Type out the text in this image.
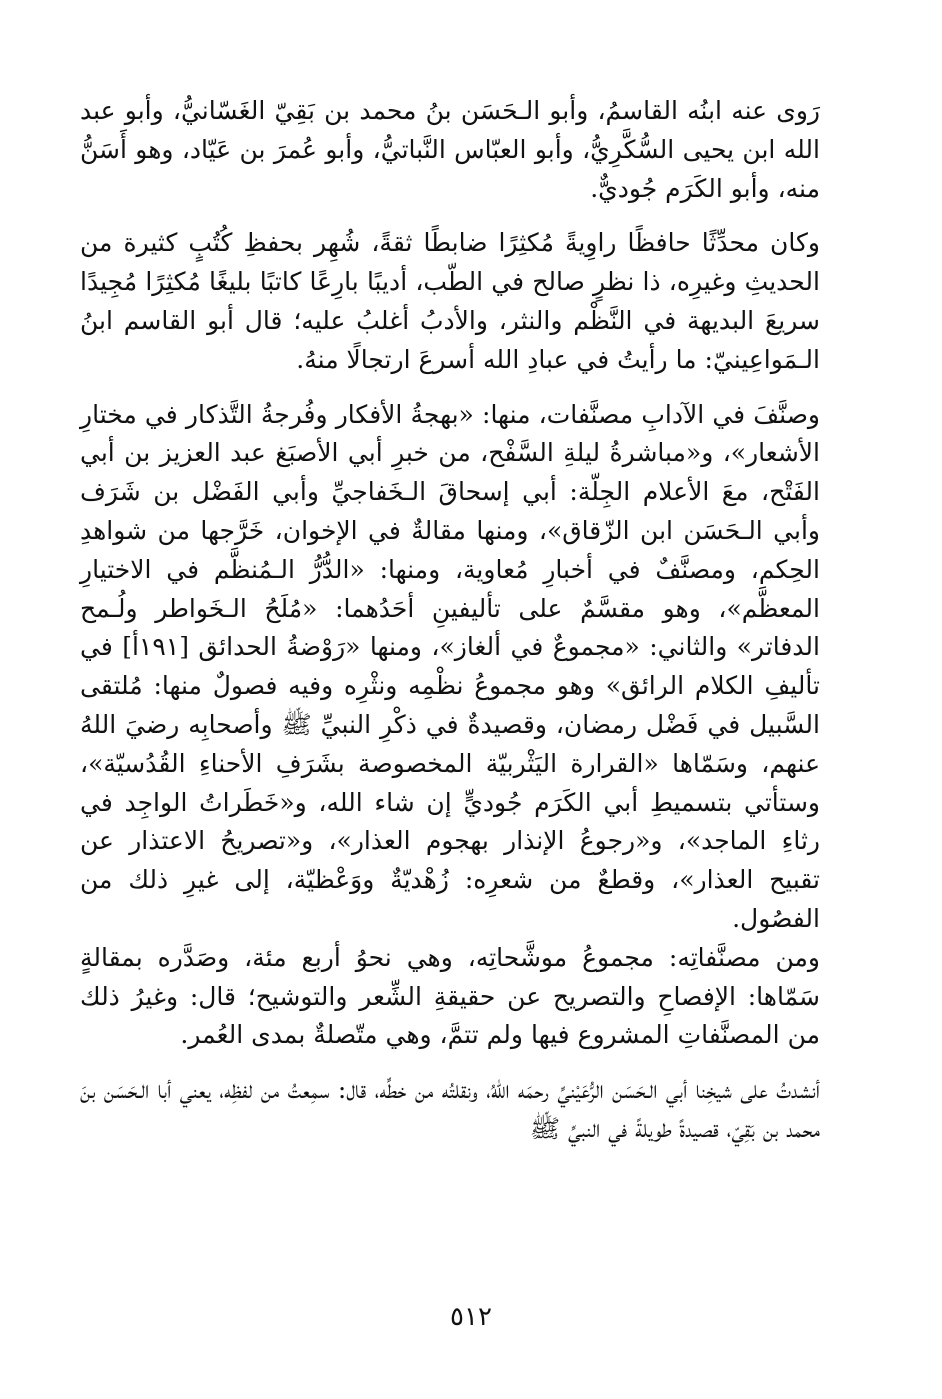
رَوى عنه ابنُه القاسمُ، وأبو الـحَسَن بنُ محمد بن بَقِيّ الغَسّانيُّ، وأبو عبد الله ابن يحيى السُّكَّرِيُّ، وأبو العبّاس النَّباتيُّ، وأبو عُمرَ بن عَيّاد، وهو أَسَنُّ منه، وأبو الكَرَم جُوديٌّ.

وكان محدِّثًا حافظًا راوِيةً مُكثِرًا ضابطًا ثقةً، شُهِر بحفظِ كُتُبٍ كثيرة من الحديثِ وغيرِه، ذا نظرٍ صالح في الطّب، أديبًا بارِعًا كاتبًا بليغًا مُكثِرًا مُجِيدًا سريعَ البديهة في النَّظْم والنثر، والأدبُ أغلبُ عليه؛ قال أبو القاسم ابنُ الـمَواعِينيّ: ما رأيتُ في عبادِ الله أسرعَ ارتجالًا منهُ.

وصنَّفَ في الآدابِ مصنَّفات، منها: «بهجةُ الأفكار وفُرجةُ التَّذكار في مختارِ الأشعار»، و«مباشرةُ ليلةِ السَّفْح، من خبرِ أبي الأصبَغ عبد العزيز بن أبي الفَتْح، معَ الأعلام الجِلّة: أبي إسحاقَ الـخَفاجيِّ وأبي الفَضْل بن شَرَف وأبي الـحَسَن ابن الزّقاق»، ومنها مقالةٌ في الإخوان، خَرَّجها من شواهدِ الحِكم، ومصنَّفٌ في أخبارِ مُعاوية، ومنها: «الدُّرُّ الـمُنظَّم في الاختيارِ المعظَّم»، وهو مقسَّمٌ على تأليفينِ أحَدُهما: «مُلَحُ الـخَواطر ولُـمح الدفاتر» والثاني: «مجموعٌ في ألغاز»، ومنها «رَوْضةُ الحدائق [١٩١أ] في تأليفِ الكلام الرائق» وهو مجموعُ نظْمِه ونثْرِه وفيه فصولٌ منها: مُلتقى السَّبيل في فَضْل رمضان، وقصيدةٌ في ذكْرِ النبيِّ ﷺ وأصحابِه رضيَ اللهُ عنهم، وسَمّاها «القرارة اليَثْربيّة المخصوصة بشَرَفِ الأحناءِ القُدُسيّة»، وستأتي بتسميطِ أبي الكَرَم جُوديٍّ إن شاء الله، و«خَطَراتُ الواجِد في رثاءِ الماجد»، و«رجوعُ الإنذار بهجوم العذار»، و«تصريحُ الاعتذار عن تقبيح العذار»، وقطعٌ من شعرِه: زُهْديّةٌ ووَعْظيّة، إلى غيرِ ذلك من الفصُول.

ومن مصنَّفاتِه: مجموعُ موشَّحاتِه، وهي نحوُ أربع مئة، وصَدَّره بمقالةٍ سَمّاها: الإفصاحِ والتصريح عن حقيقةِ الشِّعر والتوشيح؛ قال: وغيرُ ذلك من المصنَّفاتِ المشروع فيها ولم تتمَّ، وهي متّصلةٌ بمدى العُمر.

أنشدتُ على شيخِنا أبي الـحَسَن الرُّعَيْنيِّ رحمَه اللهُ، ونقلتُه من خطِّه، قال: سمِعتُ من لفظِه، يعني أبا الـحَسَن بنَ محمد بن بَقِيّ، قصيدةً طويلةً في النبيِّ ﷺ

٥١٢
